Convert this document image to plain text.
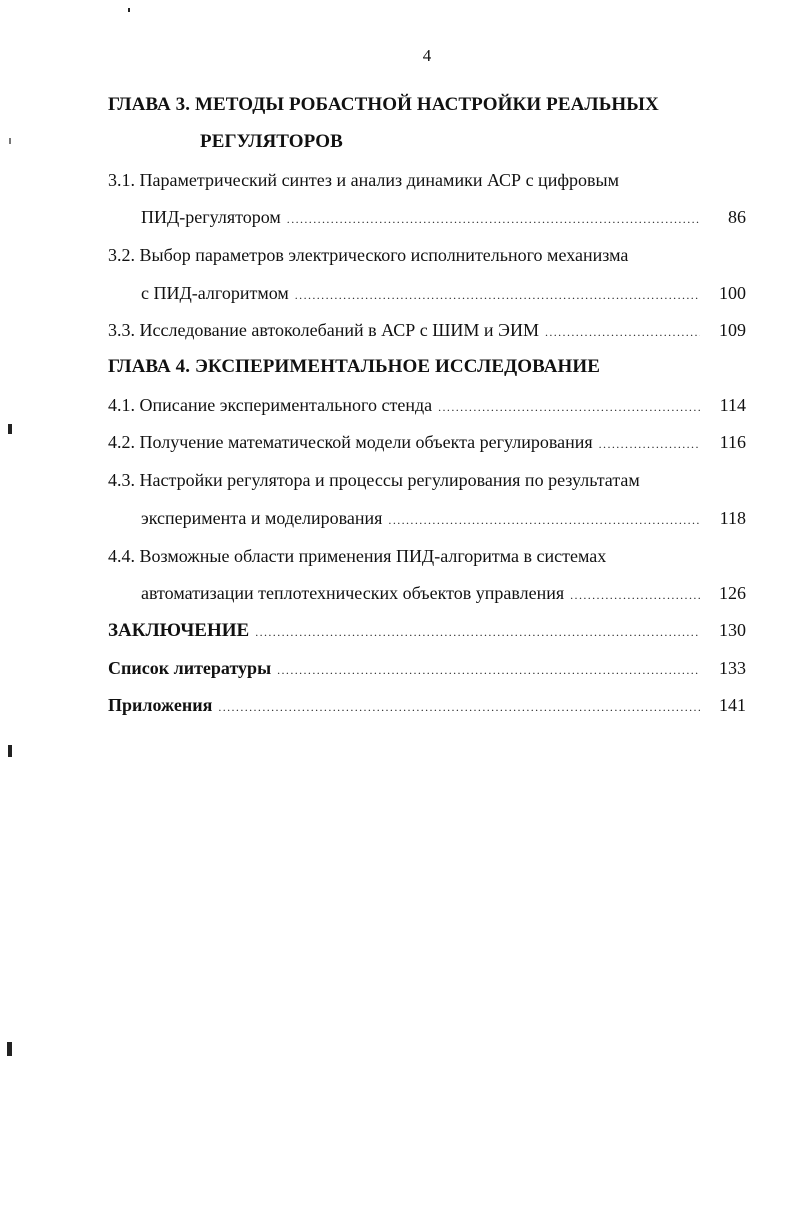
4
ГЛАВА 3. МЕТОДЫ РОБАСТНОЙ НАСТРОЙКИ РЕАЛЬНЫХ
РЕГУЛЯТОРОВ
3.1. Параметрический синтез и анализ динамики АСР с цифровым
ПИД-регулятором .....	86
3.2. Выбор параметров электрического исполнительного механизма
с ПИД-алгоритмом .....	100
3.3. Исследование автоколебаний в АСР с ШИМ и ЭИМ .....	109
ГЛАВА 4. ЭКСПЕРИМЕНТАЛЬНОЕ ИССЛЕДОВАНИЕ
4.1. Описание экспериментального стенда .....	114
4.2. Получение математической модели объекта регулирования .....	116
4.3. Настройки регулятора и процессы регулирования по результатам
эксперимента и моделирования .....	118
4.4. Возможные области применения ПИД-алгоритма в системах
автоматизации теплотехнических объектов управления .....	126
ЗАКЛЮЧЕНИЕ .....	130
Список литературы .....	133
Приложения .....	141
